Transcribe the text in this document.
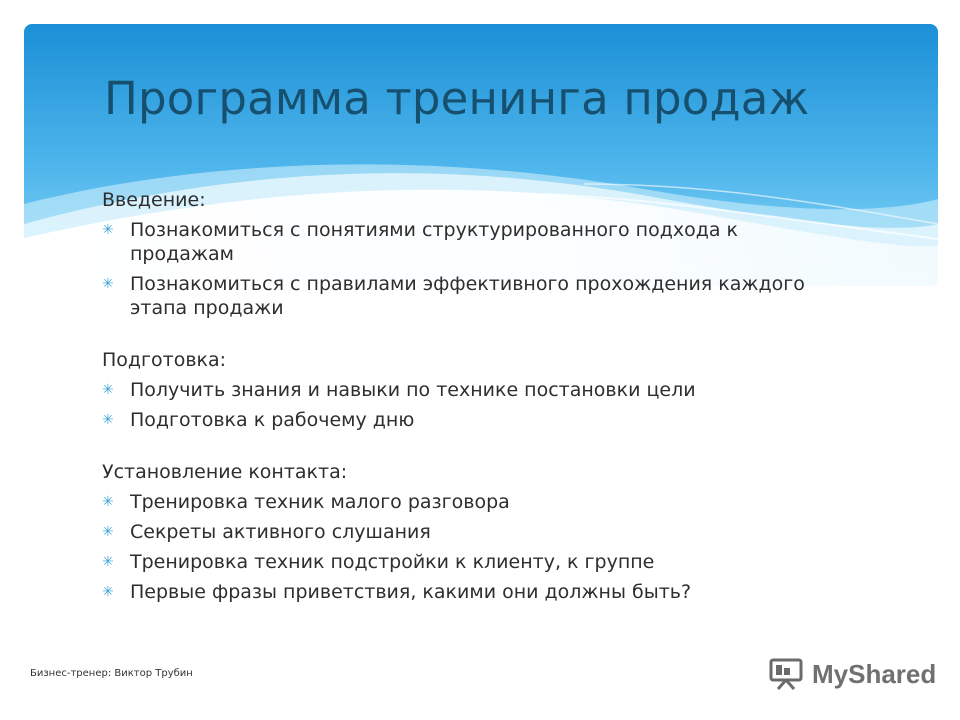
Программа тренинга продаж
Введение:
✳ Познакомиться с понятиями структурированного подхода к продажам
✳ Познакомиться с правилами эффективного прохождения каждого этапа продажи
Подготовка:
✳ Получить знания и навыки по технике постановки цели
✳ Подготовка к рабочему дню
Установление контакта:
✳ Тренировка техник малого разговора
✳ Секреты активного слушания
✳ Тренировка техник подстройки к клиенту, к группе
✳ Первые фразы приветствия, какими они должны быть?
Бизнес-тренер: Виктор Трубин	MyShared
